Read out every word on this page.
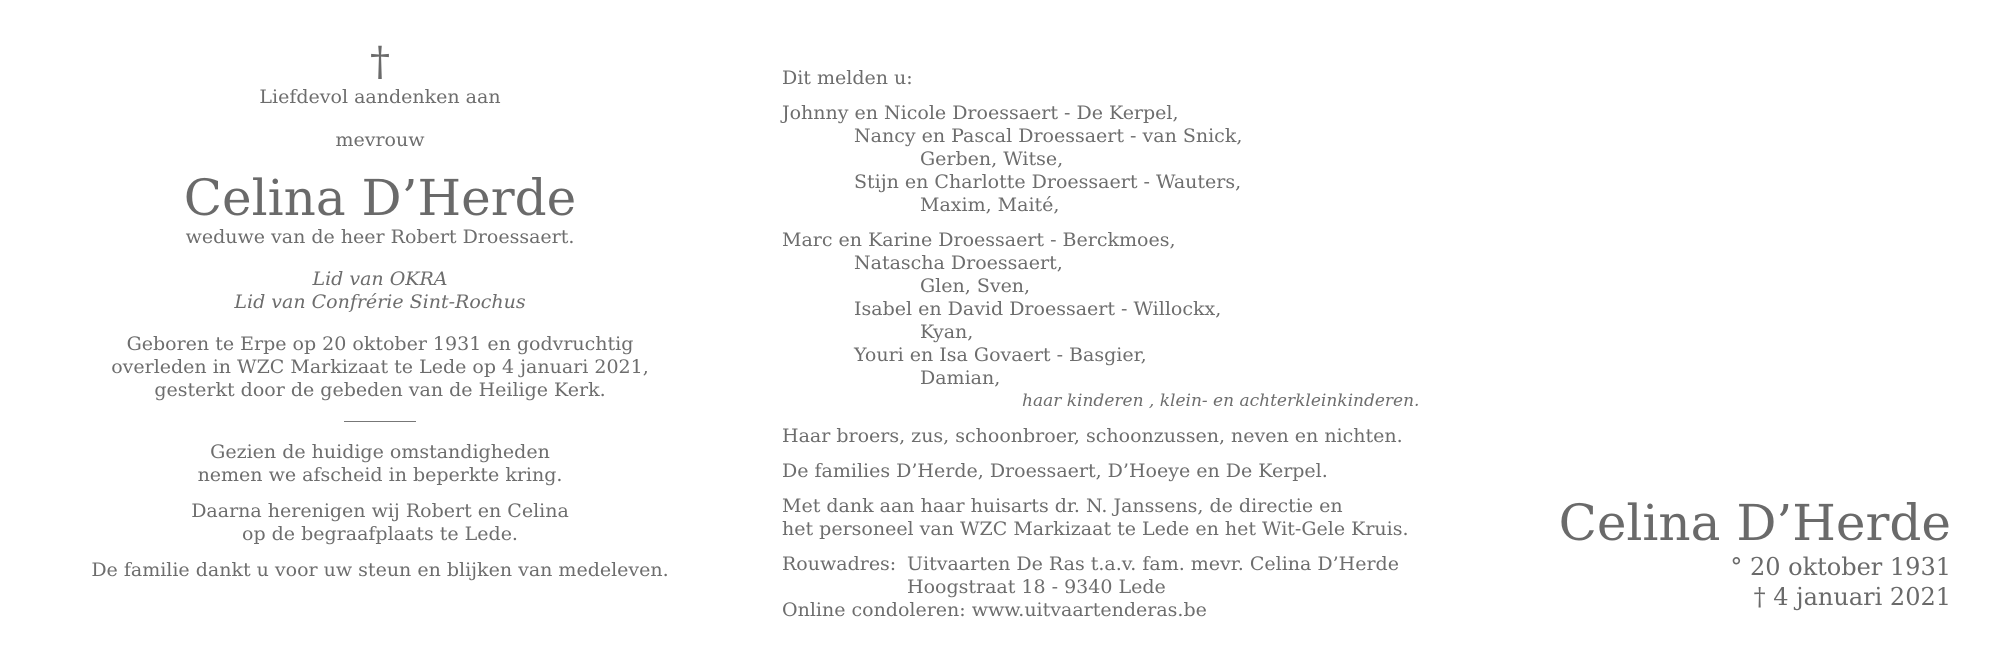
†
Liefdevol aandenken aan
mevrouw
Celina D’Herde
weduwe van de heer Robert Droessaert.
Lid van OKRA
Lid van Confrérie Sint-Rochus
Geboren te Erpe op 20 oktober 1931 en godvruchtig
overleden in WZC Markizaat te Lede op 4 januari 2021,
gesterkt door de gebeden van de Heilige Kerk.
Gezien de huidige omstandigheden
nemen we afscheid in beperkte kring.
Daarna herenigen wij Robert en Celina
op de begraafplaats te Lede.
De familie dankt u voor uw steun en blijken van medeleven.
Dit melden u:
Johnny en Nicole Droessaert - De Kerpel,
Nancy en Pascal Droessaert - van Snick,
Gerben, Witse,
Stijn en Charlotte Droessaert - Wauters,
Maxim, Maité,
Marc en Karine Droessaert - Berckmoes,
Natascha Droessaert,
Glen, Sven,
Isabel en David Droessaert - Willockx,
Kyan,
Youri en Isa Govaert - Basgier,
Damian,
haar kinderen , klein- en achterkleinkinderen.
Haar broers, zus, schoonbroer, schoonzussen, neven en nichten.
De families D’Herde, Droessaert, D’Hoeye en De Kerpel.
Met dank aan haar huisarts dr. N. Janssens, de directie en
het personeel van WZC Markizaat te Lede en het Wit-Gele Kruis.
Rouwadres: Uitvaarten De Ras t.a.v. fam. mevr. Celina D’Herde
Hoogstraat 18 - 9340 Lede
Online condoleren: www.uitvaartenderas.be
Celina D’Herde
° 20 oktober 1931
† 4 januari 2021
